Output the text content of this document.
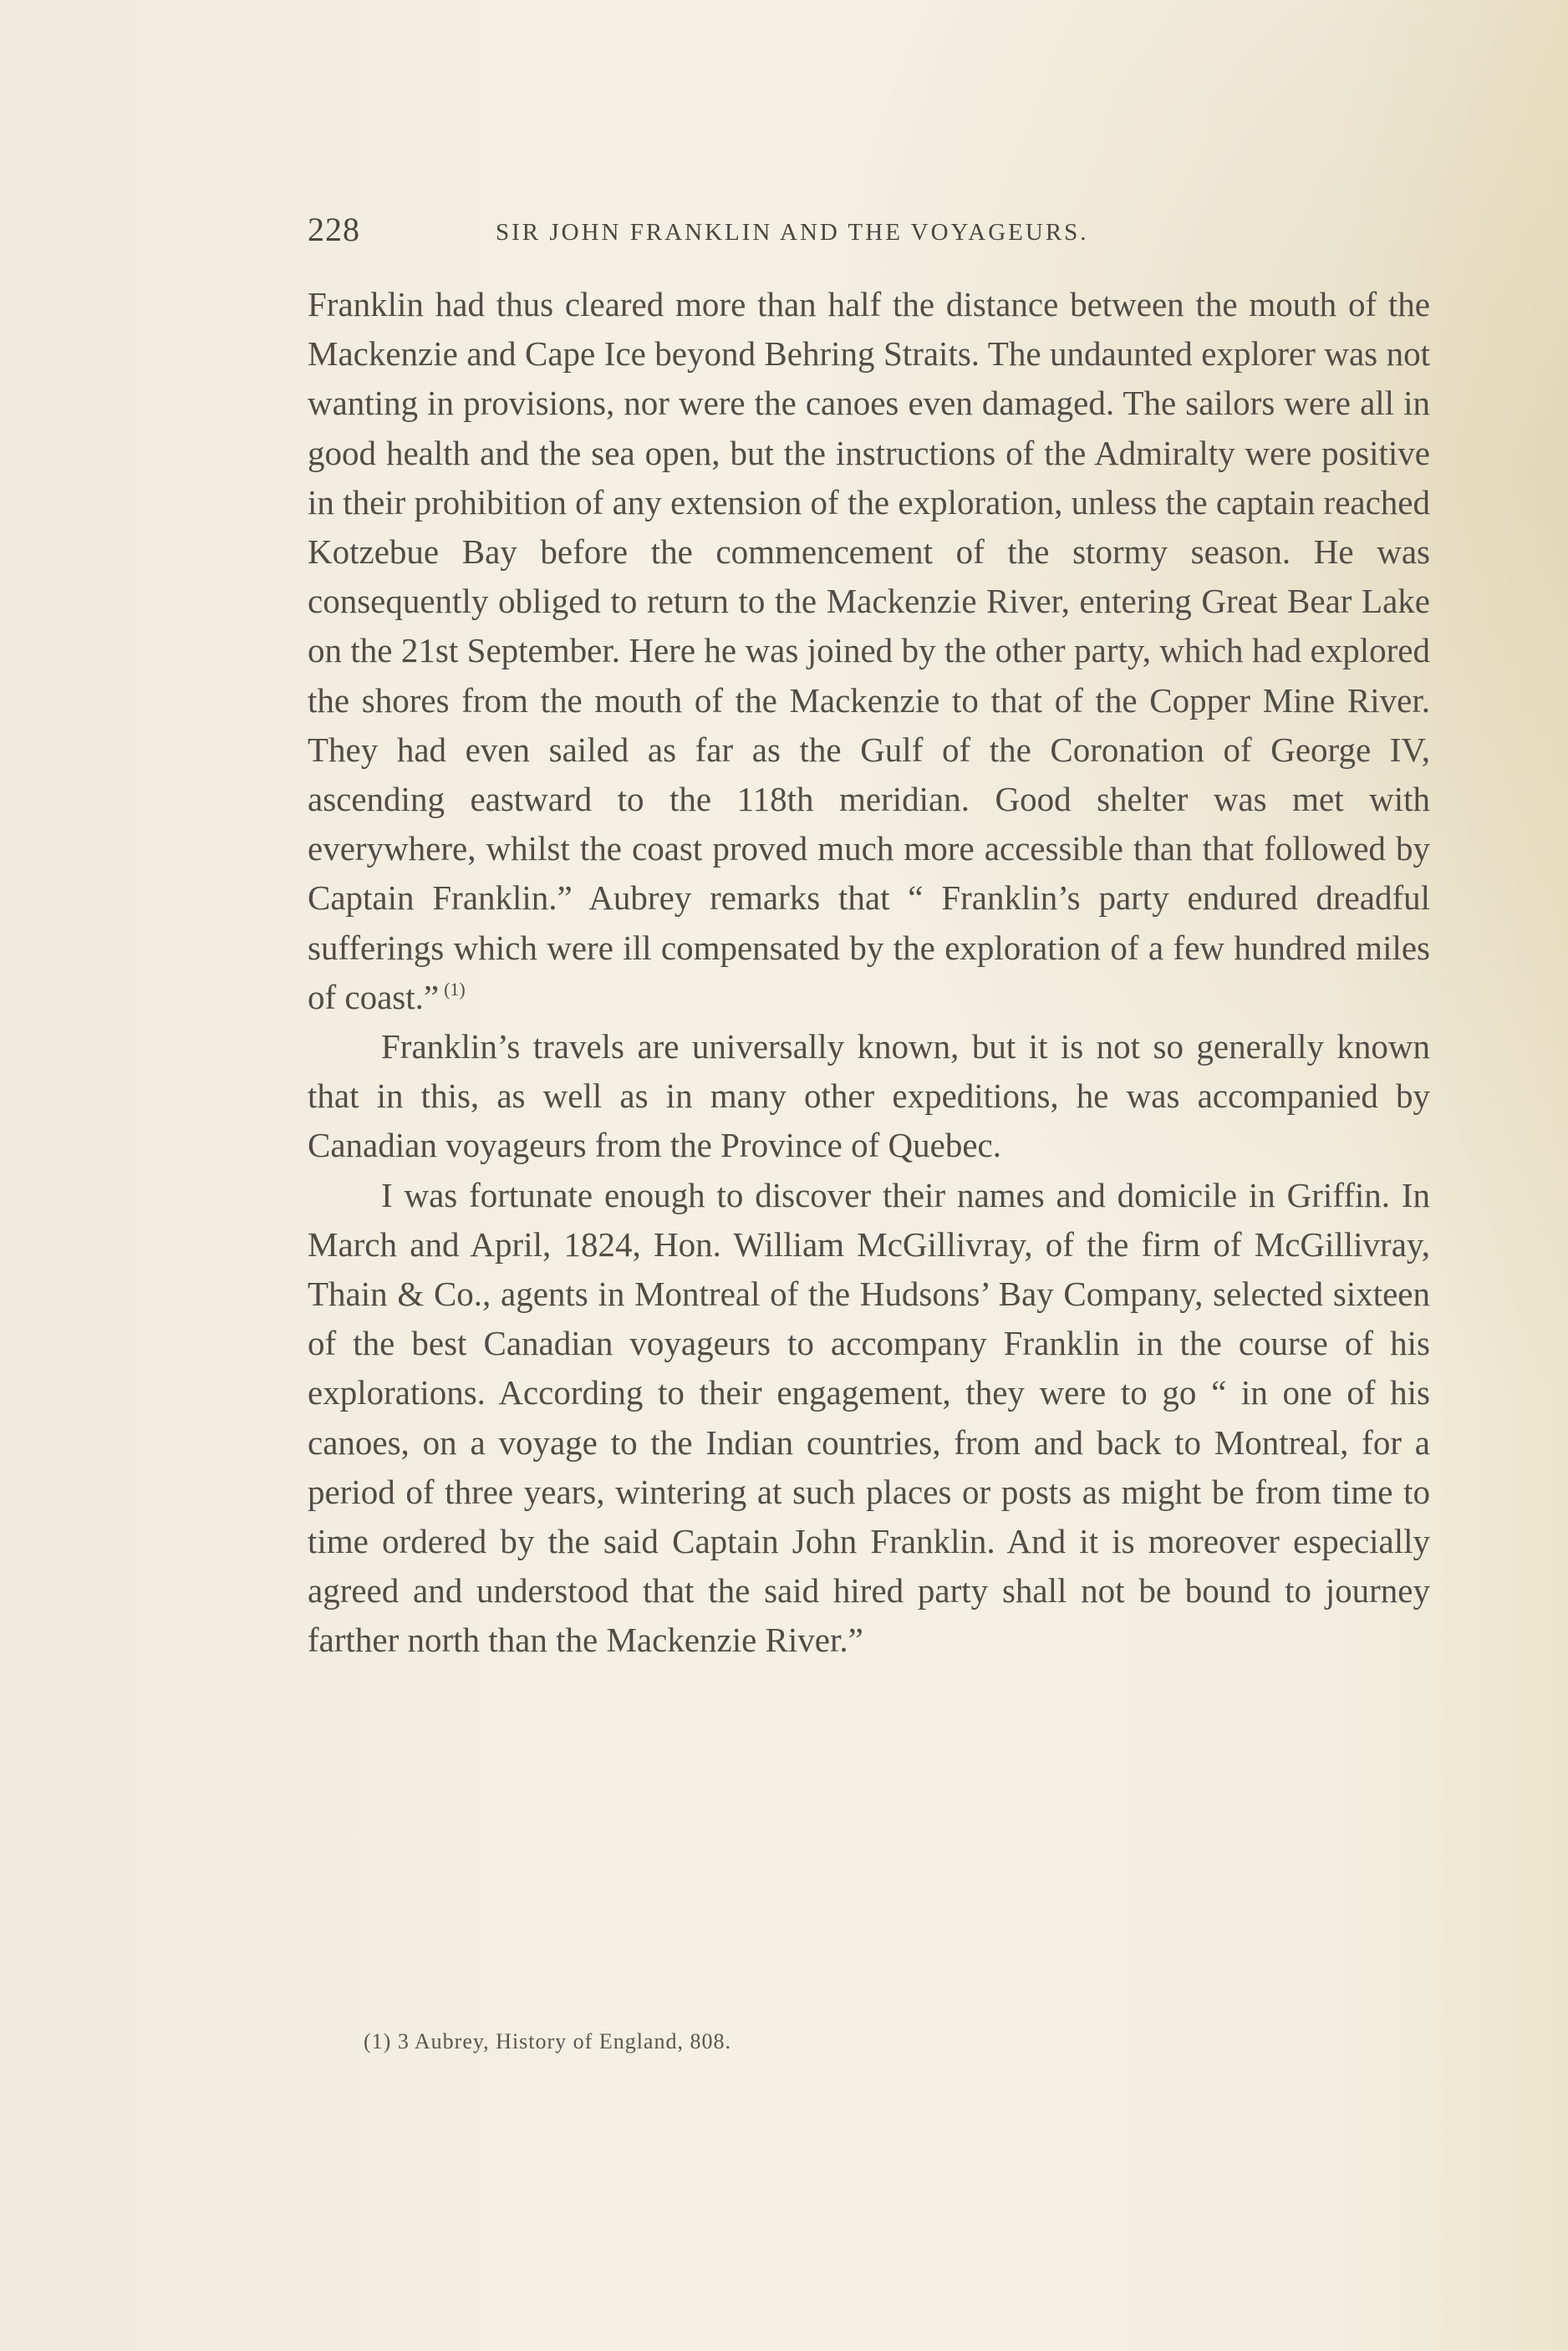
228	SIR JOHN FRANKLIN AND THE VOYAGEURS.

Franklin had thus cleared more than half the distance between the mouth of the Mackenzie and Cape Ice beyond Behring Straits. The undaunted explorer was not wanting in provisions, nor were the canoes even damaged. The sailors were all in good health and the sea open, but the instructions of the Admiralty were positive in their prohibition of any extension of the exploration, unless the captain reached Kotzebue Bay before the commencement of the stormy season. He was consequently obliged to return to the Mackenzie River, entering Great Bear Lake on the 21st September. Here he was joined by the other party, which had explored the shores from the mouth of the Mackenzie to that of the Copper Mine River. They had even sailed as far as the Gulf of the Coronation of George IV, ascending eastward to the 118th meridian. Good shelter was met with everywhere, whilst the coast proved much more accessible than that followed by Captain Franklin.” Aubrey remarks that “ Franklin’s party endured dreadful sufferings which were ill compensated by the exploration of a few hundred miles of coast.” $^{(1)}$

Franklin’s travels are universally known, but it is not so generally known that in this, as well as in many other expeditions, he was accompanied by Canadian voyageurs from the Province of Quebec.

I was fortunate enough to discover their names and domicile in Griffin. In March and April, 1824, Hon. William McGillivray, of the firm of McGillivray, Thain & Co., agents in Montreal of the Hudsons’ Bay Company, selected sixteen of the best Canadian voyageurs to accompany Franklin in the course of his explorations. According to their engagement, they were to go “ in one of his canoes, on a voyage to the Indian countries, from and back to Montreal, for a period of three years, wintering at such places or posts as might be from time to time ordered by the said Captain John Franklin. And it is moreover especially agreed and understood that the said hired party shall not be bound to journey farther north than the Mackenzie River.”

(1) 3 Aubrey, History of England, 808.
